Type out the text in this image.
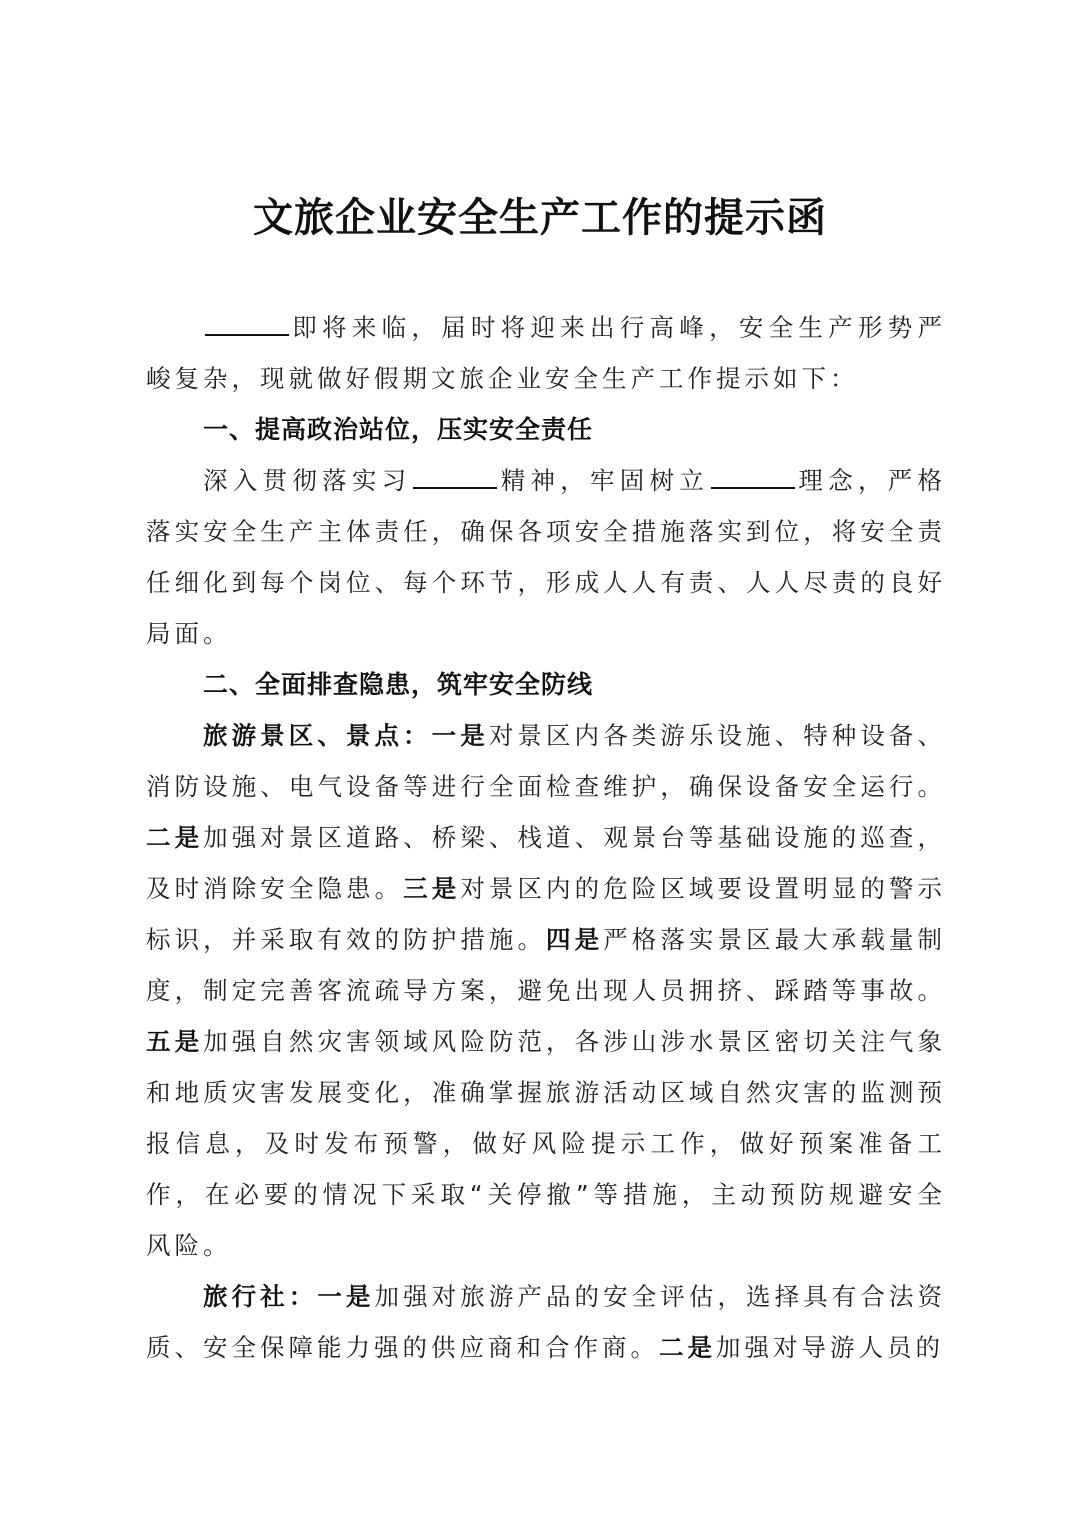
文旅企业安全生产工作的提示函

即将来临，届时将迎来出行高峰，安全生产形势严峻复杂，现就做好假期文旅企业安全生产工作提示如下：

一、提高政治站位，压实安全责任

深入贯彻落实习	精神，牢固树立	理念，严格落实安全生产主体责任，确保各项安全措施落实到位，将安全责任细化到每个岗位、每个环节，形成人人有责、人人尽责的良好局面。

二、全面排查隐患，筑牢安全防线

旅游景区、景点：一是对景区内各类游乐设施、特种设备、消防设施、电气设备等进行全面检查维护，确保设备安全运行。二是加强对景区道路、桥梁、栈道、观景台等基础设施的巡查，及时消除安全隐患。三是对景区内的危险区域要设置明显的警示标识，并采取有效的防护措施。四是严格落实景区最大承载量制度，制定完善客流疏导方案，避免出现人员拥挤、踩踏等事故。五是加强自然灾害领域风险防范，各涉山涉水景区密切关注气象和地质灾害发展变化，准确掌握旅游活动区域自然灾害的监测预报信息，及时发布预警，做好风险提示工作，做好预案准备工作，在必要的情况下采取“关停撤”等措施，主动预防规避安全风险。

旅行社：一是加强对旅游产品的安全评估，选择具有合法资质、安全保障能力强的供应商和合作商。二是加强对导游人员的
